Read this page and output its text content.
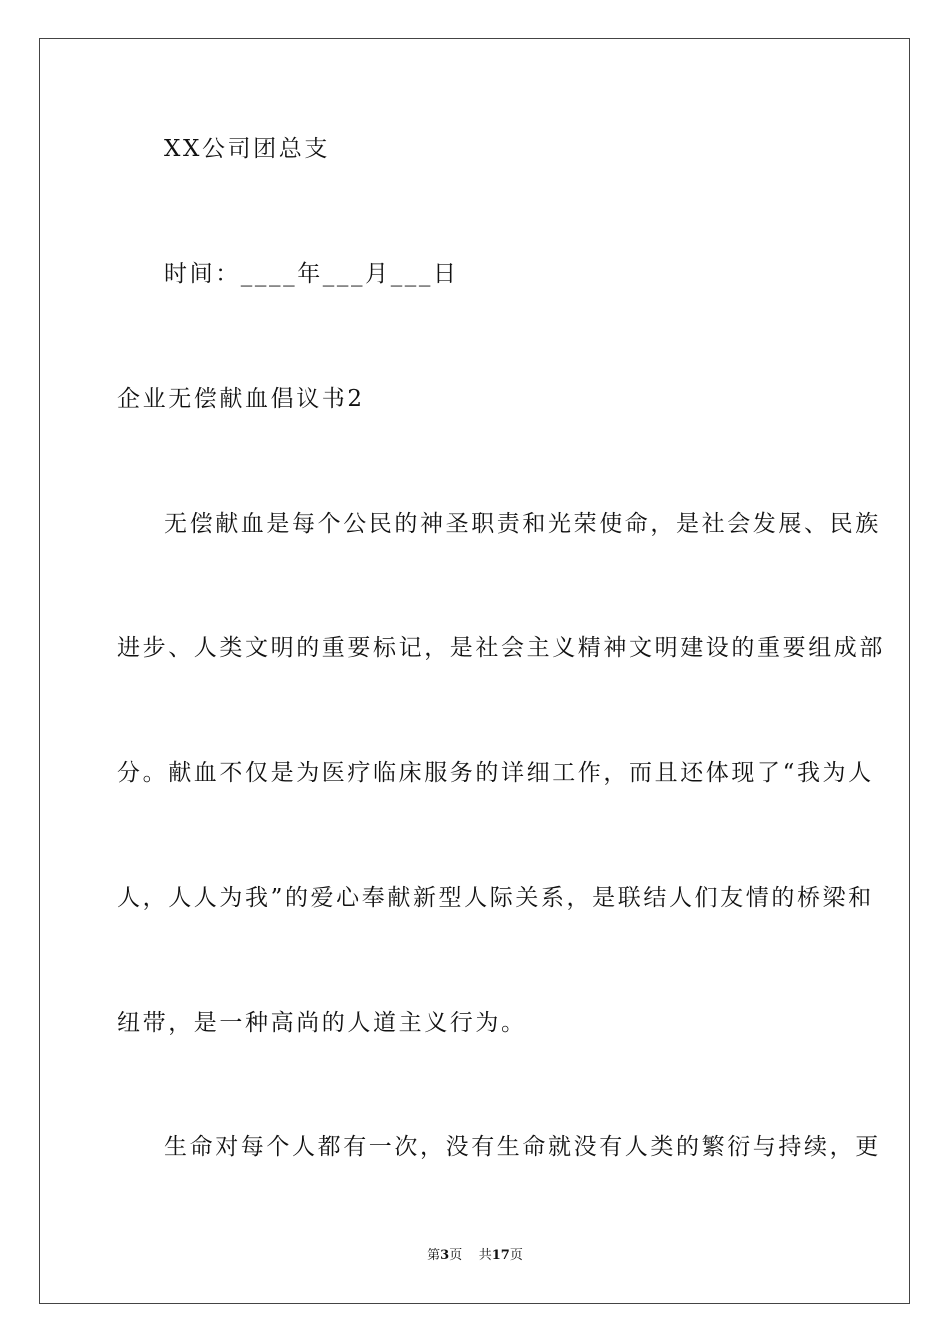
XX公司团总支
时间：____年___月___日
企业无偿献血倡议书2
无偿献血是每个公民的神圣职责和光荣使命，是社会发展、民族
进步、人类文明的重要标记，是社会主义精神文明建设的重要组成部
分。献血不仅是为医疗临床服务的详细工作，而且还体现了“我为人
人，人人为我”的爱心奉献新型人际关系，是联结人们友情的桥梁和
纽带，是一种高尚的人道主义行为。
生命对每个人都有一次，没有生命就没有人类的繁衍与持续，更
第3页 共17页
